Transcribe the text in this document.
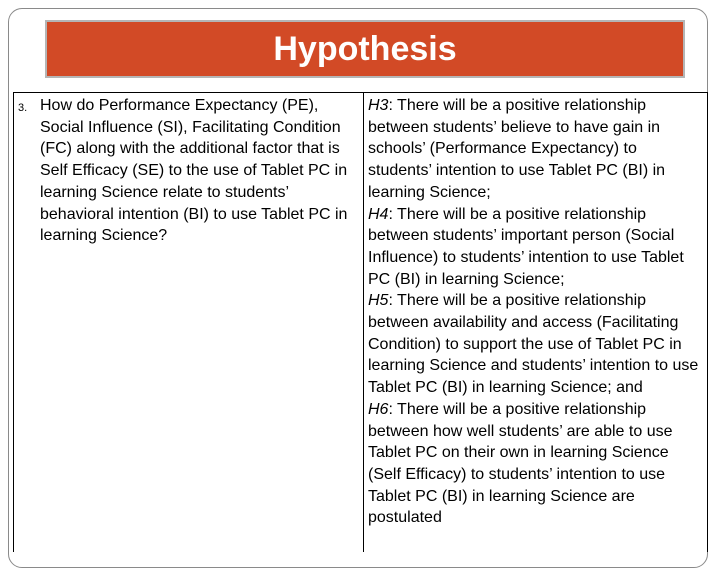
Hypothesis
3. How do Performance Expectancy (PE), Social Influence (SI), Facilitating Condition (FC) along with the additional factor that is Self Efficacy (SE) to the use of Tablet PC in learning Science relate to students’ behavioral intention (BI) to use Tablet PC in learning Science?

H3: There will be a positive relationship between students’ believe to have gain in schools’ (Performance Expectancy) to students’ intention to use Tablet PC (BI) in learning Science;

H4: There will be a positive relationship between students’ important person (Social Influence) to students’ intention to use Tablet PC (BI) in learning Science;

H5: There will be a positive relationship between availability and access (Facilitating Condition) to support the use of Tablet PC in learning Science and students’ intention to use Tablet PC (BI) in learning Science; and

H6: There will be a positive relationship between how well students’ are able to use Tablet PC on their own in learning Science (Self Efficacy) to students’ intention to use Tablet PC (BI) in learning Science are postulated
